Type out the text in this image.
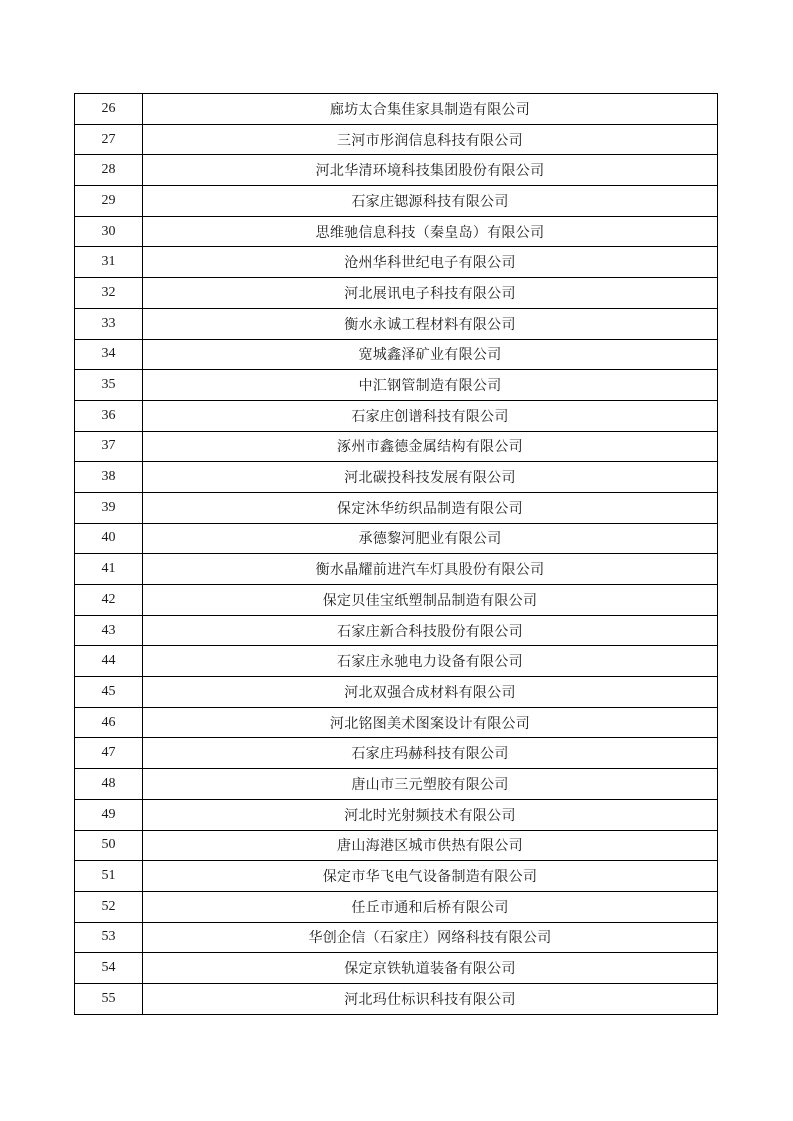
26	廊坊太合集佳家具制造有限公司
27	三河市彤润信息科技有限公司
28	河北华清环境科技集团股份有限公司
29	石家庄锶源科技有限公司
30	思维驰信息科技（秦皇岛）有限公司
31	沧州华科世纪电子有限公司
32	河北展讯电子科技有限公司
33	衡水永诚工程材料有限公司
34	宽城鑫泽矿业有限公司
35	中汇钢管制造有限公司
36	石家庄创谱科技有限公司
37	涿州市鑫德金属结构有限公司
38	河北碳投科技发展有限公司
39	保定沐华纺织品制造有限公司
40	承德黎河肥业有限公司
41	衡水晶耀前进汽车灯具股份有限公司
42	保定贝佳宝纸塑制品制造有限公司
43	石家庄新合科技股份有限公司
44	石家庄永驰电力设备有限公司
45	河北双强合成材料有限公司
46	河北铭图美术图案设计有限公司
47	石家庄玛赫科技有限公司
48	唐山市三元塑胶有限公司
49	河北时光射频技术有限公司
50	唐山海港区城市供热有限公司
51	保定市华飞电气设备制造有限公司
52	任丘市通和后桥有限公司
53	华创企信（石家庄）网络科技有限公司
54	保定京铁轨道装备有限公司
55	河北玛仕标识科技有限公司
